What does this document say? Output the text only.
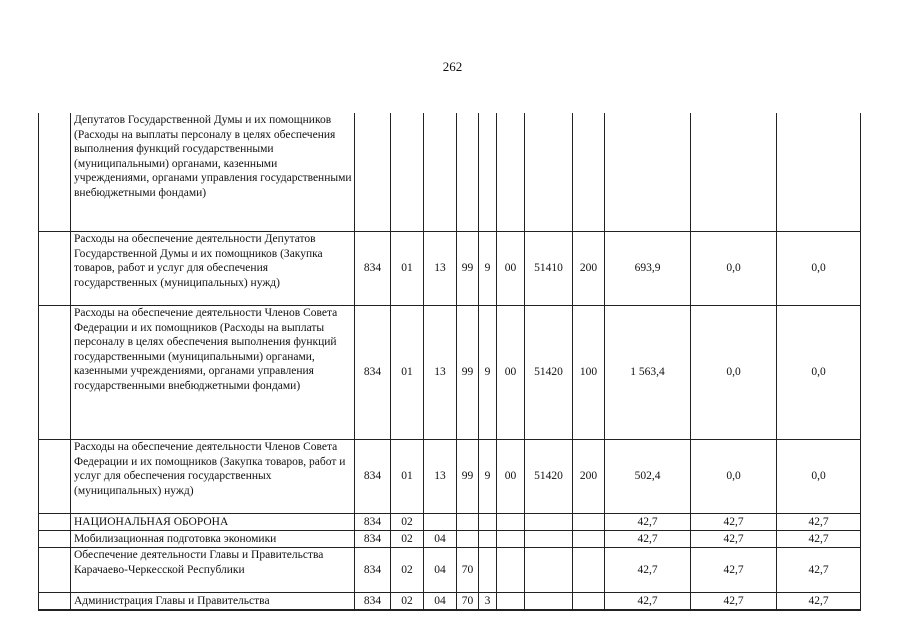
262
	Депутатов Государственной Думы и их помощников (Расходы на выплаты персоналу в целях обеспечения выполнения функций государственными (муниципальными) органами, казенными учреждениями, органами управления государственными внебюджетными фондами)											
	Расходы на обеспечение деятельности Депутатов Государственной Думы и их помощников (Закупка товаров, работ и услуг для обеспечения государственных (муниципальных) нужд)	834	01	13	99	9	00	51410	200	693,9	0,0	0,0
	Расходы на обеспечение деятельности Членов Совета Федерации и их помощников (Расходы на выплаты персоналу в целях обеспечения выполнения функций государственными (муниципальными) органами, казенными учреждениями, органами управления государственными внебюджетными фондами)	834	01	13	99	9	00	51420	100	1 563,4	0,0	0,0
	Расходы на обеспечение деятельности Членов Совета Федерации и их помощников (Закупка товаров, работ и услуг для обеспечения государственных (муниципальных) нужд)	834	01	13	99	9	00	51420	200	502,4	0,0	0,0
	НАЦИОНАЛЬНАЯ ОБОРОНА	834	02							42,7	42,7	42,7
	Мобилизационная подготовка экономики	834	02	04						42,7	42,7	42,7
	Обеспечение деятельности Главы и Правительства Карачаево-Черкесской Республики	834	02	04	70					42,7	42,7	42,7
	Администрация Главы и Правительства	834	02	04	70	3				42,7	42,7	42,7
